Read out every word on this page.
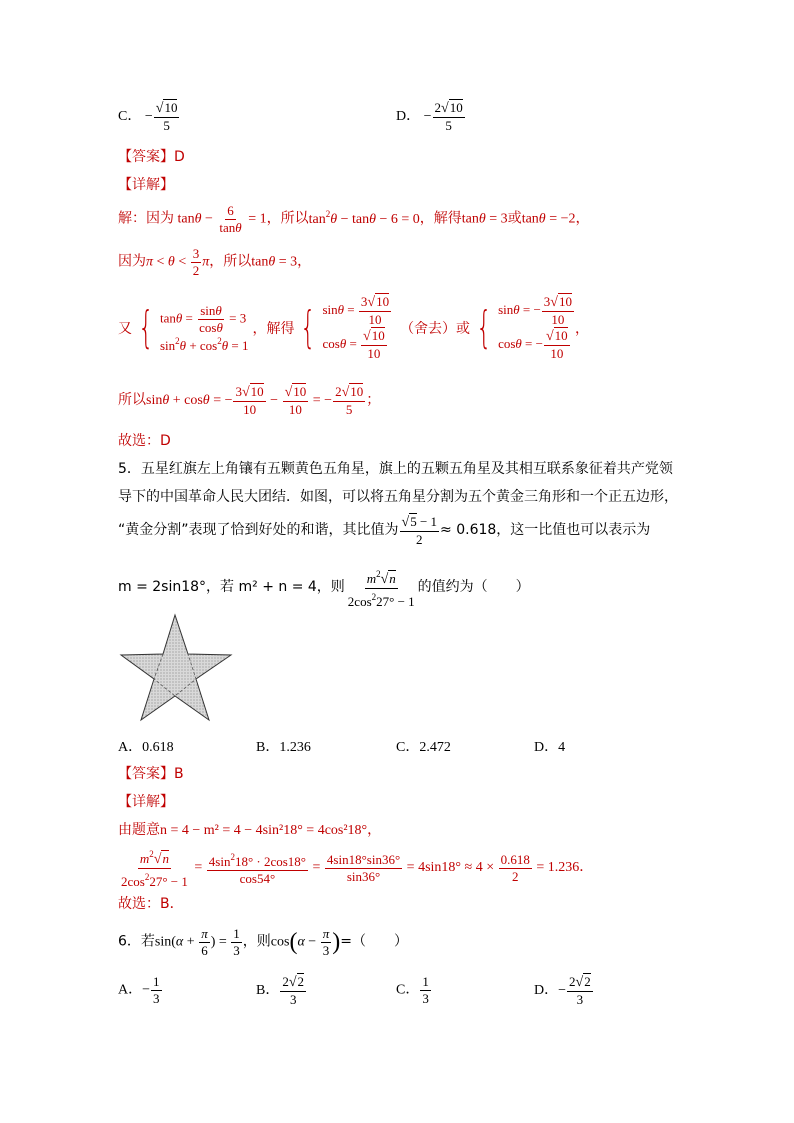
C． − $\frac{√10}{5}$	D． − $\frac{2√10}{5}$
【答案】D
【详解】
解：因为 $\tan\theta - \frac{6}{\tan\theta} = 1$，所以$\tan^2\theta - \tan\theta - 6 = 0$，解得tanθ = 3或tanθ = −2，
因为$\pi < \theta < \frac{3}{2}$ π，所以tanθ = 3，
又 { $\tan\theta = \frac{\sin\theta}{\cos\theta} = 3$
$\sin^2\theta + \cos^2\theta = 1$
，解得 { $\sin\theta = \frac{3√10}{10}$
$\cos\theta = \frac{√10}{10}$ （舍去）或 { sinθ = − $\frac{3√10}{10}$
cosθ = − $\frac{√10}{10}$ ，
所以sinθ + cosθ = − $\frac{3√10}{10} - \frac{√10}{10}$ = − $\frac{2√10}{5}$ ；
故选：D
5．五星红旗左上角镶有五颗黄色五角星，旗上的五颗五角星及其相互联系象征着共产党领
导下的中国革命人民大团结．如图，可以将五角星分割为五个黄金三角形和一个正五边形，
“黄金分割”表现了恰到好处的和谐，其比值为 $\frac{√5 - 1}{2} \approx 0.618$，这一比值也可以表示为
m = 2sin18°，若 m² + n = 4，则 $\frac{m^2√n}{2\cos^227^\circ - 1}$ 的值约为（　　）
A．0.618	B．1.236	C．2.472	D．4
【答案】B
【详解】
由题意n = 4 − m² = 4 − 4sin²18° = 4cos²18°，
$\frac{m^2√n}{2\cos^227^\circ - 1} = \frac{4\sin^218^\circ \cdot 2\cos 18^\circ}{\cos 54^\circ} = \frac{4\sin 18^\circ\sin 36^\circ}{\sin 36^\circ} = 4\sin 18^\circ \approx 4 \times \frac{0.618}{2} = 1.236$．
故选：B．
6．若$\sin(\alpha + \frac{\pi}{6}$ ) = $\frac{1}{3}$ ，则$\cos(\alpha - \frac{\pi}{3}$ )=（　　）
A．− $\frac{1}{3}$	B． $\frac{2√2}{3}$	C． $\frac{1}{3}$	D．− $\frac{2√2}{3}$
